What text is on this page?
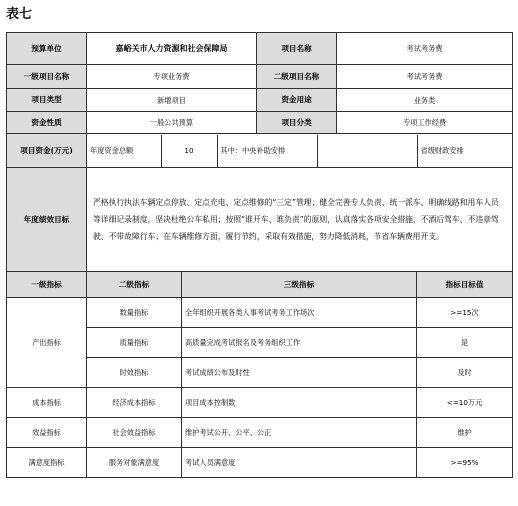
表七
预算单位	嘉峪关市人力资源和社会保障局	项目名称	考试考务费
一级项目名称	专项业务费	二级项目名称	考试考务费
项目类型	新增项目	资金用途	业务类
资金性质	一般公共预算	项目分类	专项工作经费
项目资金(万元)	年度资金总额	10	其中：中央补助安排		省级财政安排

年度绩效目标	严格执行执法车辆定点停放、定点充电、定点维修的“三定”管理；健全完善专人负责、统一派车、明确线路和用车人员等详细记录制度，坚决杜绝公车私用；按照“谁开车、谁负责”的原则，认真落实各项安全措施，不酒后驾车、不违章驾驶、不带故障行车；在车辆维修方面，履行节约，采取有效措施，努力降低消耗，节省车辆费用开支。
一级指标	二级指标	三级指标	指标目标值
产出指标	数量指标	全年组织开展各类人事考试考务工作场次	>=15次
质量指标	高质量完成考试报名及考务组织工作	是
时效指标	考试成绩公布及时性	及时
成本指标	经济成本指标	项目成本控制数	<=10万元
效益指标	社会效益指标	维护考试公开、公平、公正	维护
满意度指标	服务对象满意度	考试人员满意度	>=95%
